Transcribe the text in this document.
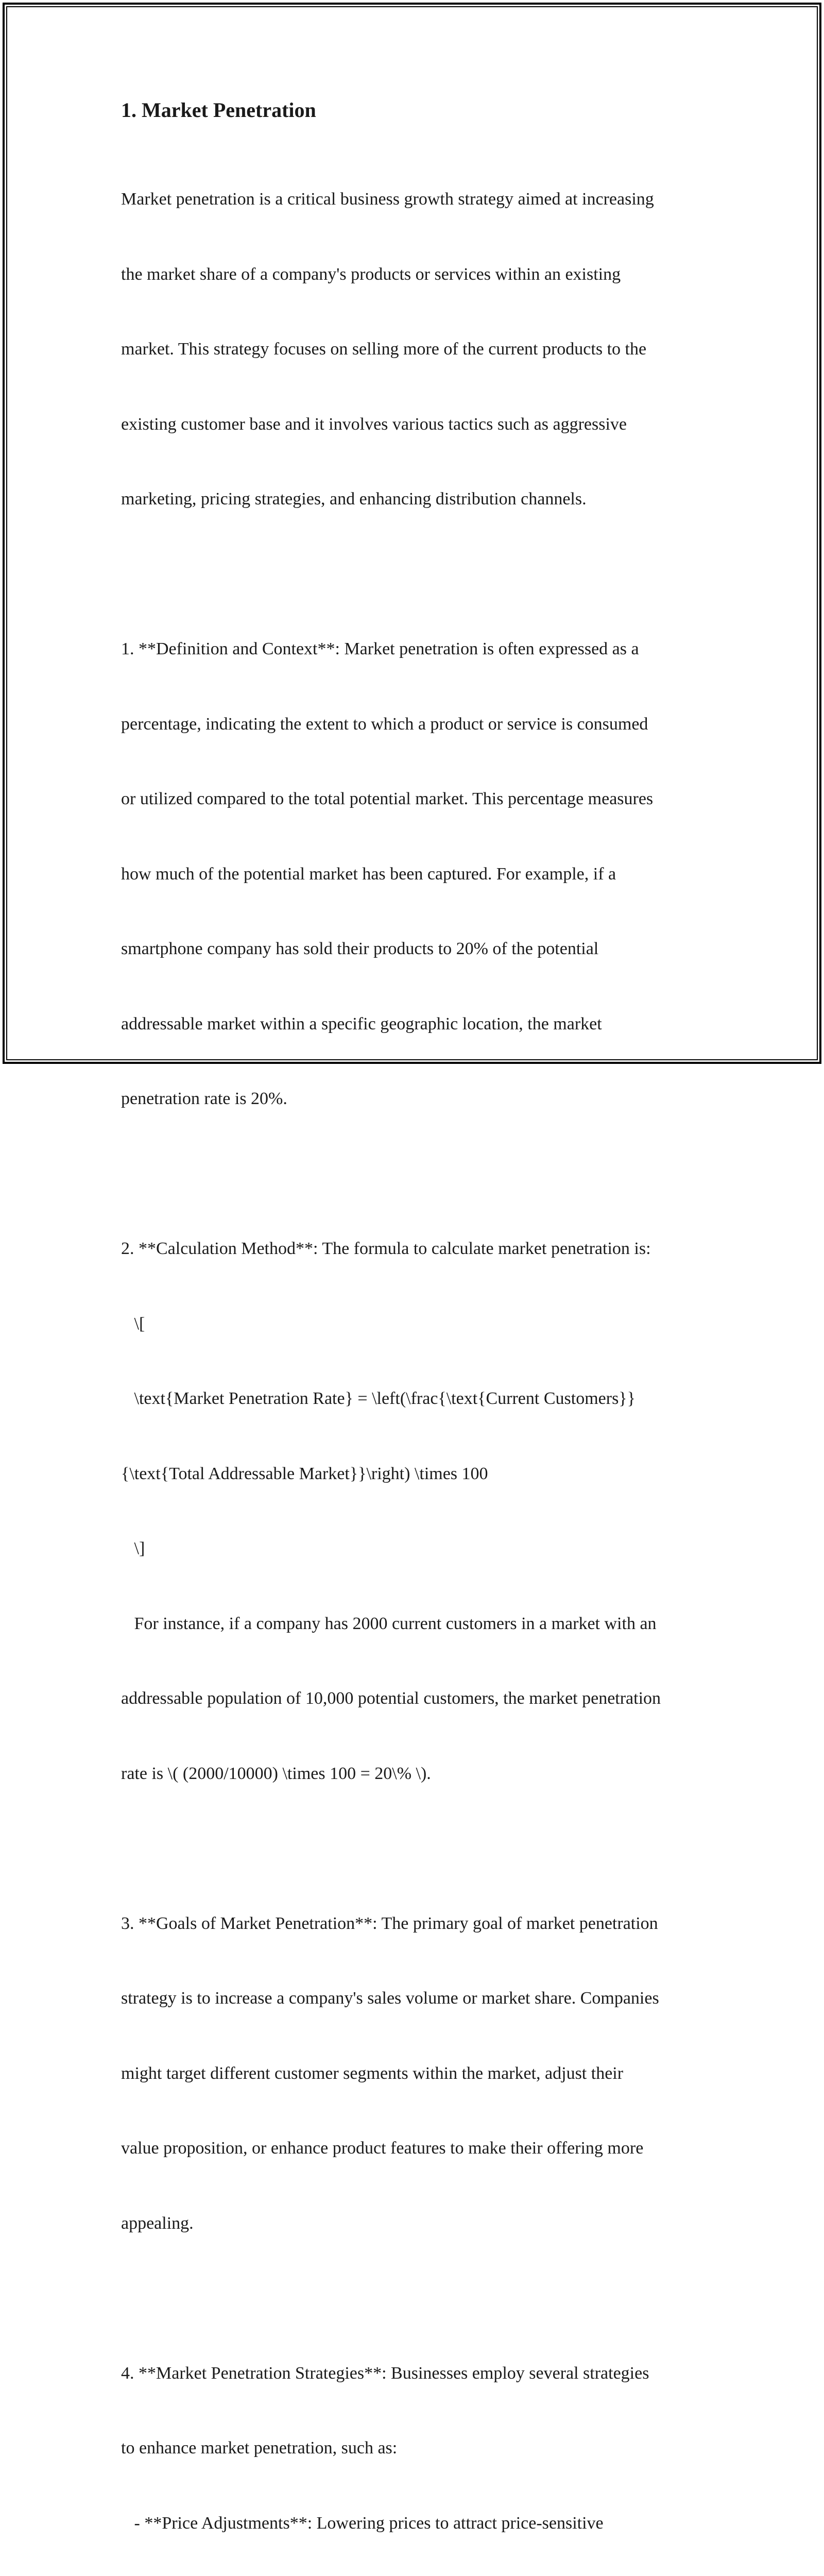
1. Market Penetration

Market penetration is a critical business growth strategy aimed at increasing

the market share of a company's products or services within an existing

market. This strategy focuses on selling more of the current products to the

existing customer base and it involves various tactics such as aggressive

marketing, pricing strategies, and enhancing distribution channels.

1. **Definition and Context**: Market penetration is often expressed as a

percentage, indicating the extent to which a product or service is consumed

or utilized compared to the total potential market. This percentage measures

how much of the potential market has been captured. For example, if a

smartphone company has sold their products to 20% of the potential

addressable market within a specific geographic location, the market

penetration rate is 20%.

2. **Calculation Method**: The formula to calculate market penetration is:

\[

\text{Market Penetration Rate} = \left(\frac{\text{Current Customers}}

{\text{Total Addressable Market}}\right) \times 100

\]

For instance, if a company has 2000 current customers in a market with an

addressable population of 10,000 potential customers, the market penetration

rate is \( (2000/10000) \times 100 = 20\% \).

3. **Goals of Market Penetration**: The primary goal of market penetration

strategy is to increase a company's sales volume or market share. Companies

might target different customer segments within the market, adjust their

value proposition, or enhance product features to make their offering more

appealing.

4. **Market Penetration Strategies**: Businesses employ several strategies

to enhance market penetration, such as:

- **Price Adjustments**: Lowering prices to attract price-sensitive
